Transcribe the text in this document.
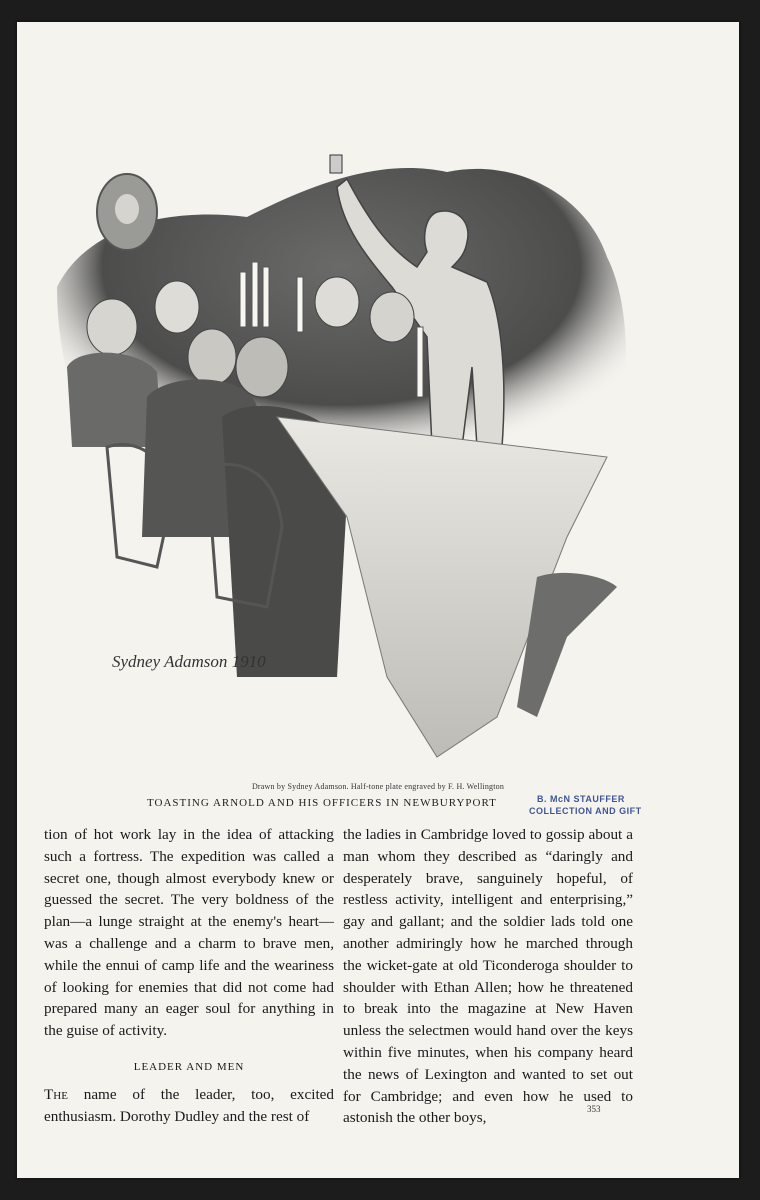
Sydney Adamson 1910
Drawn by Sydney Adamson. Half-tone plate engraved by F. H. Wellington
TOASTING ARNOLD AND HIS OFFICERS IN NEWBURYPORT	B. McN STAUFFER
COLLECTION AND GIFT

tion of hot work lay in the idea of attacking such a fortress. The expedition was called a secret one, though almost everybody knew or guessed the secret. The very boldness of the plan—a lunge straight at the enemy's heart—was a challenge and a charm to brave men, while the ennui of camp life and the weariness of looking for enemies that did not come had prepared many an eager soul for anything in the guise of activity.

LEADER AND MEN

The name of the leader, too, excited enthusiasm. Dorothy Dudley and the rest of

the ladies in Cambridge loved to gossip about a man whom they described as “daringly and desperately brave, sanguinely hopeful, of restless activity, intelligent and enterprising,” gay and gallant; and the soldier lads told one another admiringly how he marched through the wicket-gate at old Ticonderoga shoulder to shoulder with Ethan Allen; how he threatened to break into the magazine at New Haven unless the selectmen would hand over the keys within five minutes, when his company heard the news of Lexington and wanted to set out for Cambridge; and even how he used to astonish the other boys,

353
